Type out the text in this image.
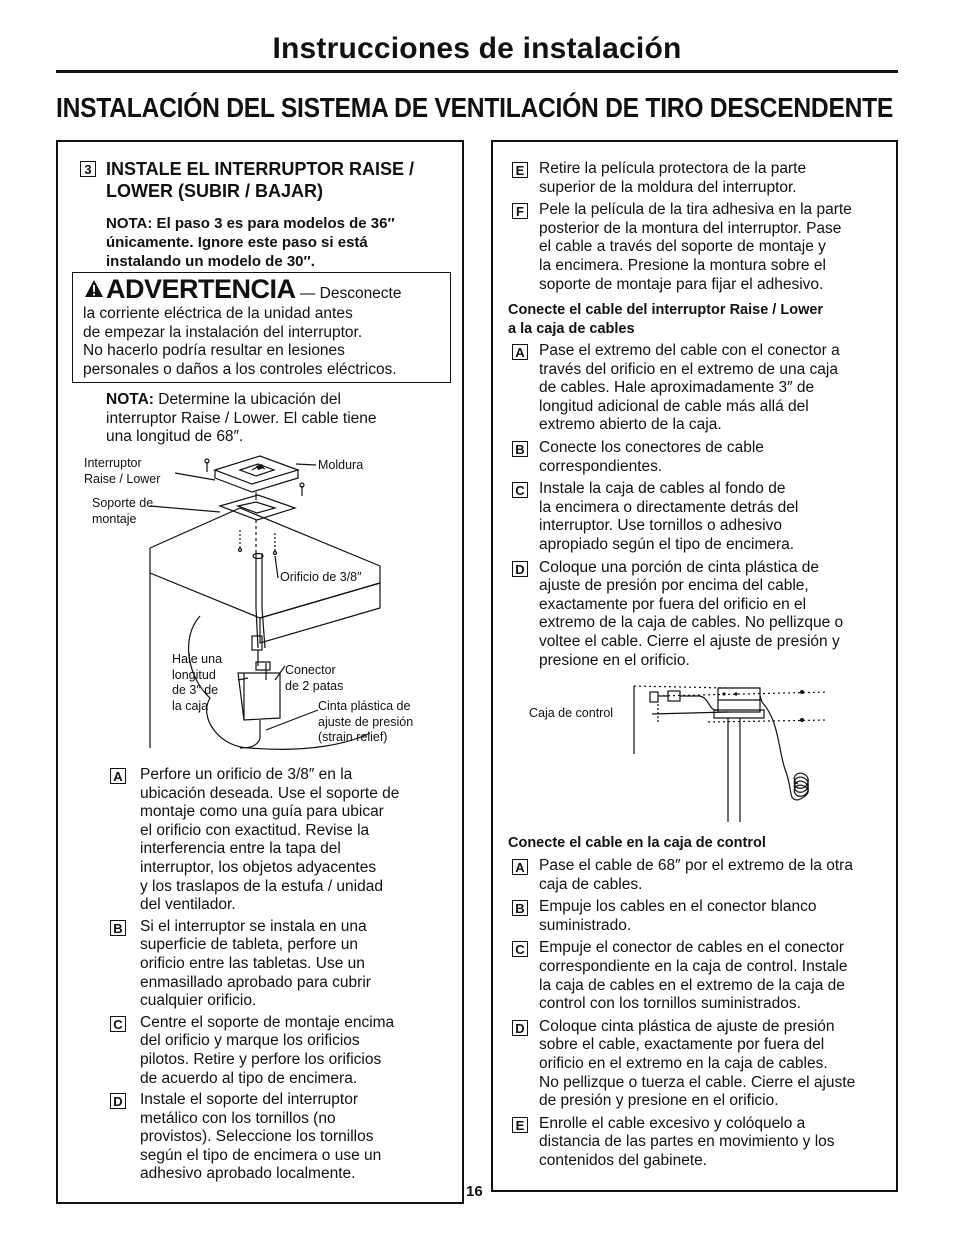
Instrucciones de instalación
INSTALACIÓN DEL SISTEMA DE VENTILACIÓN DE TIRO DESCENDENTE
3 INSTALE EL INTERRUPTOR RAISE /
LOWER (SUBIR / BAJAR)
NOTA: El paso 3 es para modelos de 36″
únicamente. Ignore este paso si está
instalando un modelo de 30″.
ADVERTENCIA — Desconecte
la corriente eléctrica de la unidad antes
de empezar la instalación del interruptor.
No hacerlo podría resultar en lesiones
personales o daños a los controles eléctricos.
NOTA: Determine la ubicación del
interruptor Raise / Lower. El cable tiene
una longitud de 68″.
Interruptor
Raise / Lower
Moldura
Soporte de
montaje
Orificio de 3/8″
Hale una
longitud
de 3″ de
la caja
Conector
de 2 patas
Cinta plástica de
ajuste de presión
(strain relief)
A Perfore un orificio de 3/8″ en la
ubicación deseada. Use el soporte de
montaje como una guía para ubicar
el orificio con exactitud. Revise la
interferencia entre la tapa del
interruptor, los objetos adyacentes
y los traslapos de la estufa / unidad
del ventilador.
B Si el interruptor se instala en una
superficie de tableta, perfore un
orificio entre las tabletas. Use un
enmasillado aprobado para cubrir
cualquier orificio.
C Centre el soporte de montaje encima
del orificio y marque los orificios
pilotos. Retire y perfore los orificios
de acuerdo al tipo de encimera.
D Instale el soporte del interruptor
metálico con los tornillos (no
provistos). Seleccione los tornillos
según el tipo de encimera o use un
adhesivo aprobado localmente.
16
E Retire la película protectora de la parte
superior de la moldura del interruptor.
F Pele la película de la tira adhesiva en la parte
posterior de la montura del interruptor. Pase
el cable a través del soporte de montaje y
la encimera. Presione la montura sobre el
soporte de montaje para fijar el adhesivo.
Conecte el cable del interruptor Raise / Lower
a la caja de cables
A Pase el extremo del cable con el conector a
través del orificio en el extremo de una caja
de cables. Hale aproximadamente 3″ de
longitud adicional de cable más allá del
extremo abierto de la caja.
B Conecte los conectores de cable
correspondientes.
C Instale la caja de cables al fondo de
la encimera o directamente detrás del
interruptor. Use tornillos o adhesivo
apropiado según el tipo de encimera.
D Coloque una porción de cinta plástica de
ajuste de presión por encima del cable,
exactamente por fuera del orificio en el
extremo de la caja de cables. No pellizque o
voltee el cable. Cierre el ajuste de presión y
presione en el orificio.
Caja de control
Conecte el cable en la caja de control
A Pase el cable de 68″ por el extremo de la otra
caja de cables.
B Empuje los cables en el conector blanco
suministrado.
C Empuje el conector de cables en el conector
correspondiente en la caja de control. Instale
la caja de cables en el extremo de la caja de
control con los tornillos suministrados.
D Coloque cinta plástica de ajuste de presión
sobre el cable, exactamente por fuera del
orificio en el extremo en la caja de cables.
No pellizque o tuerza el cable. Cierre el ajuste
de presión y presione en el orificio.
E Enrolle el cable excesivo y colóquelo a
distancia de las partes en movimiento y los
contenidos del gabinete.
